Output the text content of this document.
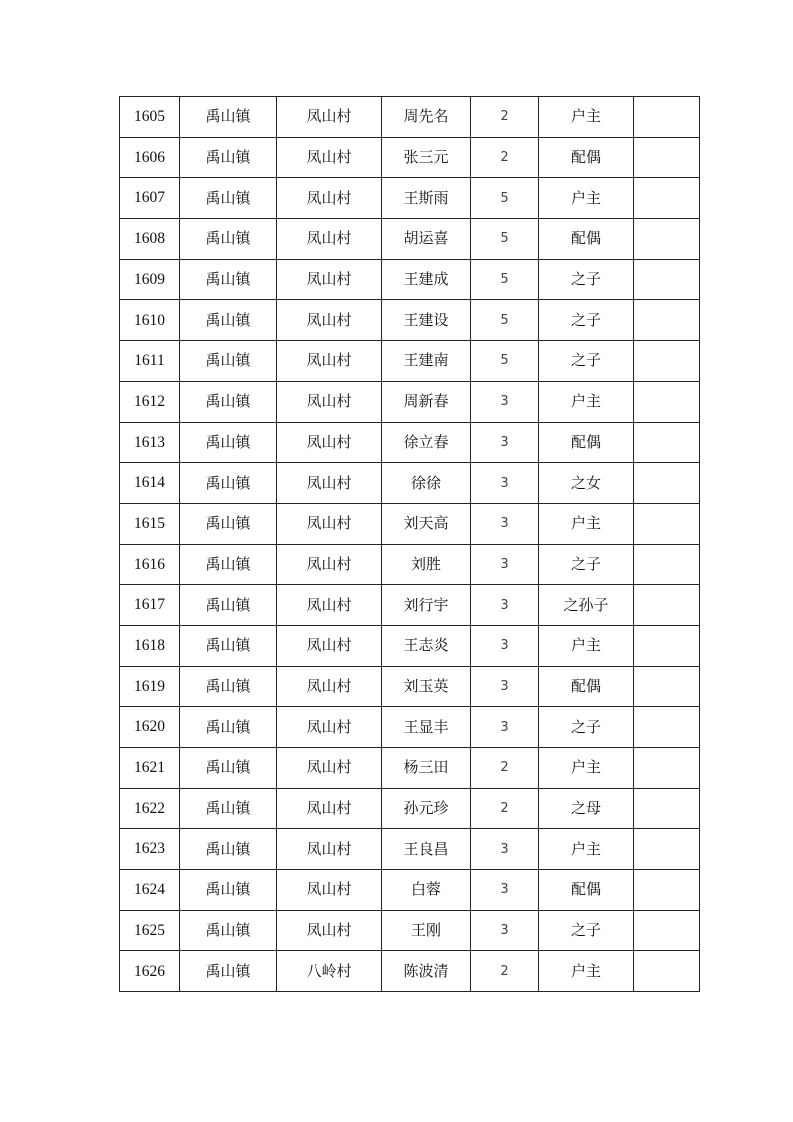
1605	禹山镇	凤山村	周先名	2	户主	
1606	禹山镇	凤山村	张三元	2	配偶	
1607	禹山镇	凤山村	王斯雨	5	户主	
1608	禹山镇	凤山村	胡运喜	5	配偶	
1609	禹山镇	凤山村	王建成	5	之子	
1610	禹山镇	凤山村	王建设	5	之子	
1611	禹山镇	凤山村	王建南	5	之子	
1612	禹山镇	凤山村	周新春	3	户主	
1613	禹山镇	凤山村	徐立春	3	配偶	
1614	禹山镇	凤山村	徐徐	3	之女	
1615	禹山镇	凤山村	刘天高	3	户主	
1616	禹山镇	凤山村	刘胜	3	之子	
1617	禹山镇	凤山村	刘行宇	3	之孙子	
1618	禹山镇	凤山村	王志炎	3	户主	
1619	禹山镇	凤山村	刘玉英	3	配偶	
1620	禹山镇	凤山村	王显丰	3	之子	
1621	禹山镇	凤山村	杨三田	2	户主	
1622	禹山镇	凤山村	孙元珍	2	之母	
1623	禹山镇	凤山村	王良昌	3	户主	
1624	禹山镇	凤山村	白蓉	3	配偶	
1625	禹山镇	凤山村	王刚	3	之子	
1626	禹山镇	八岭村	陈波清	2	户主	
